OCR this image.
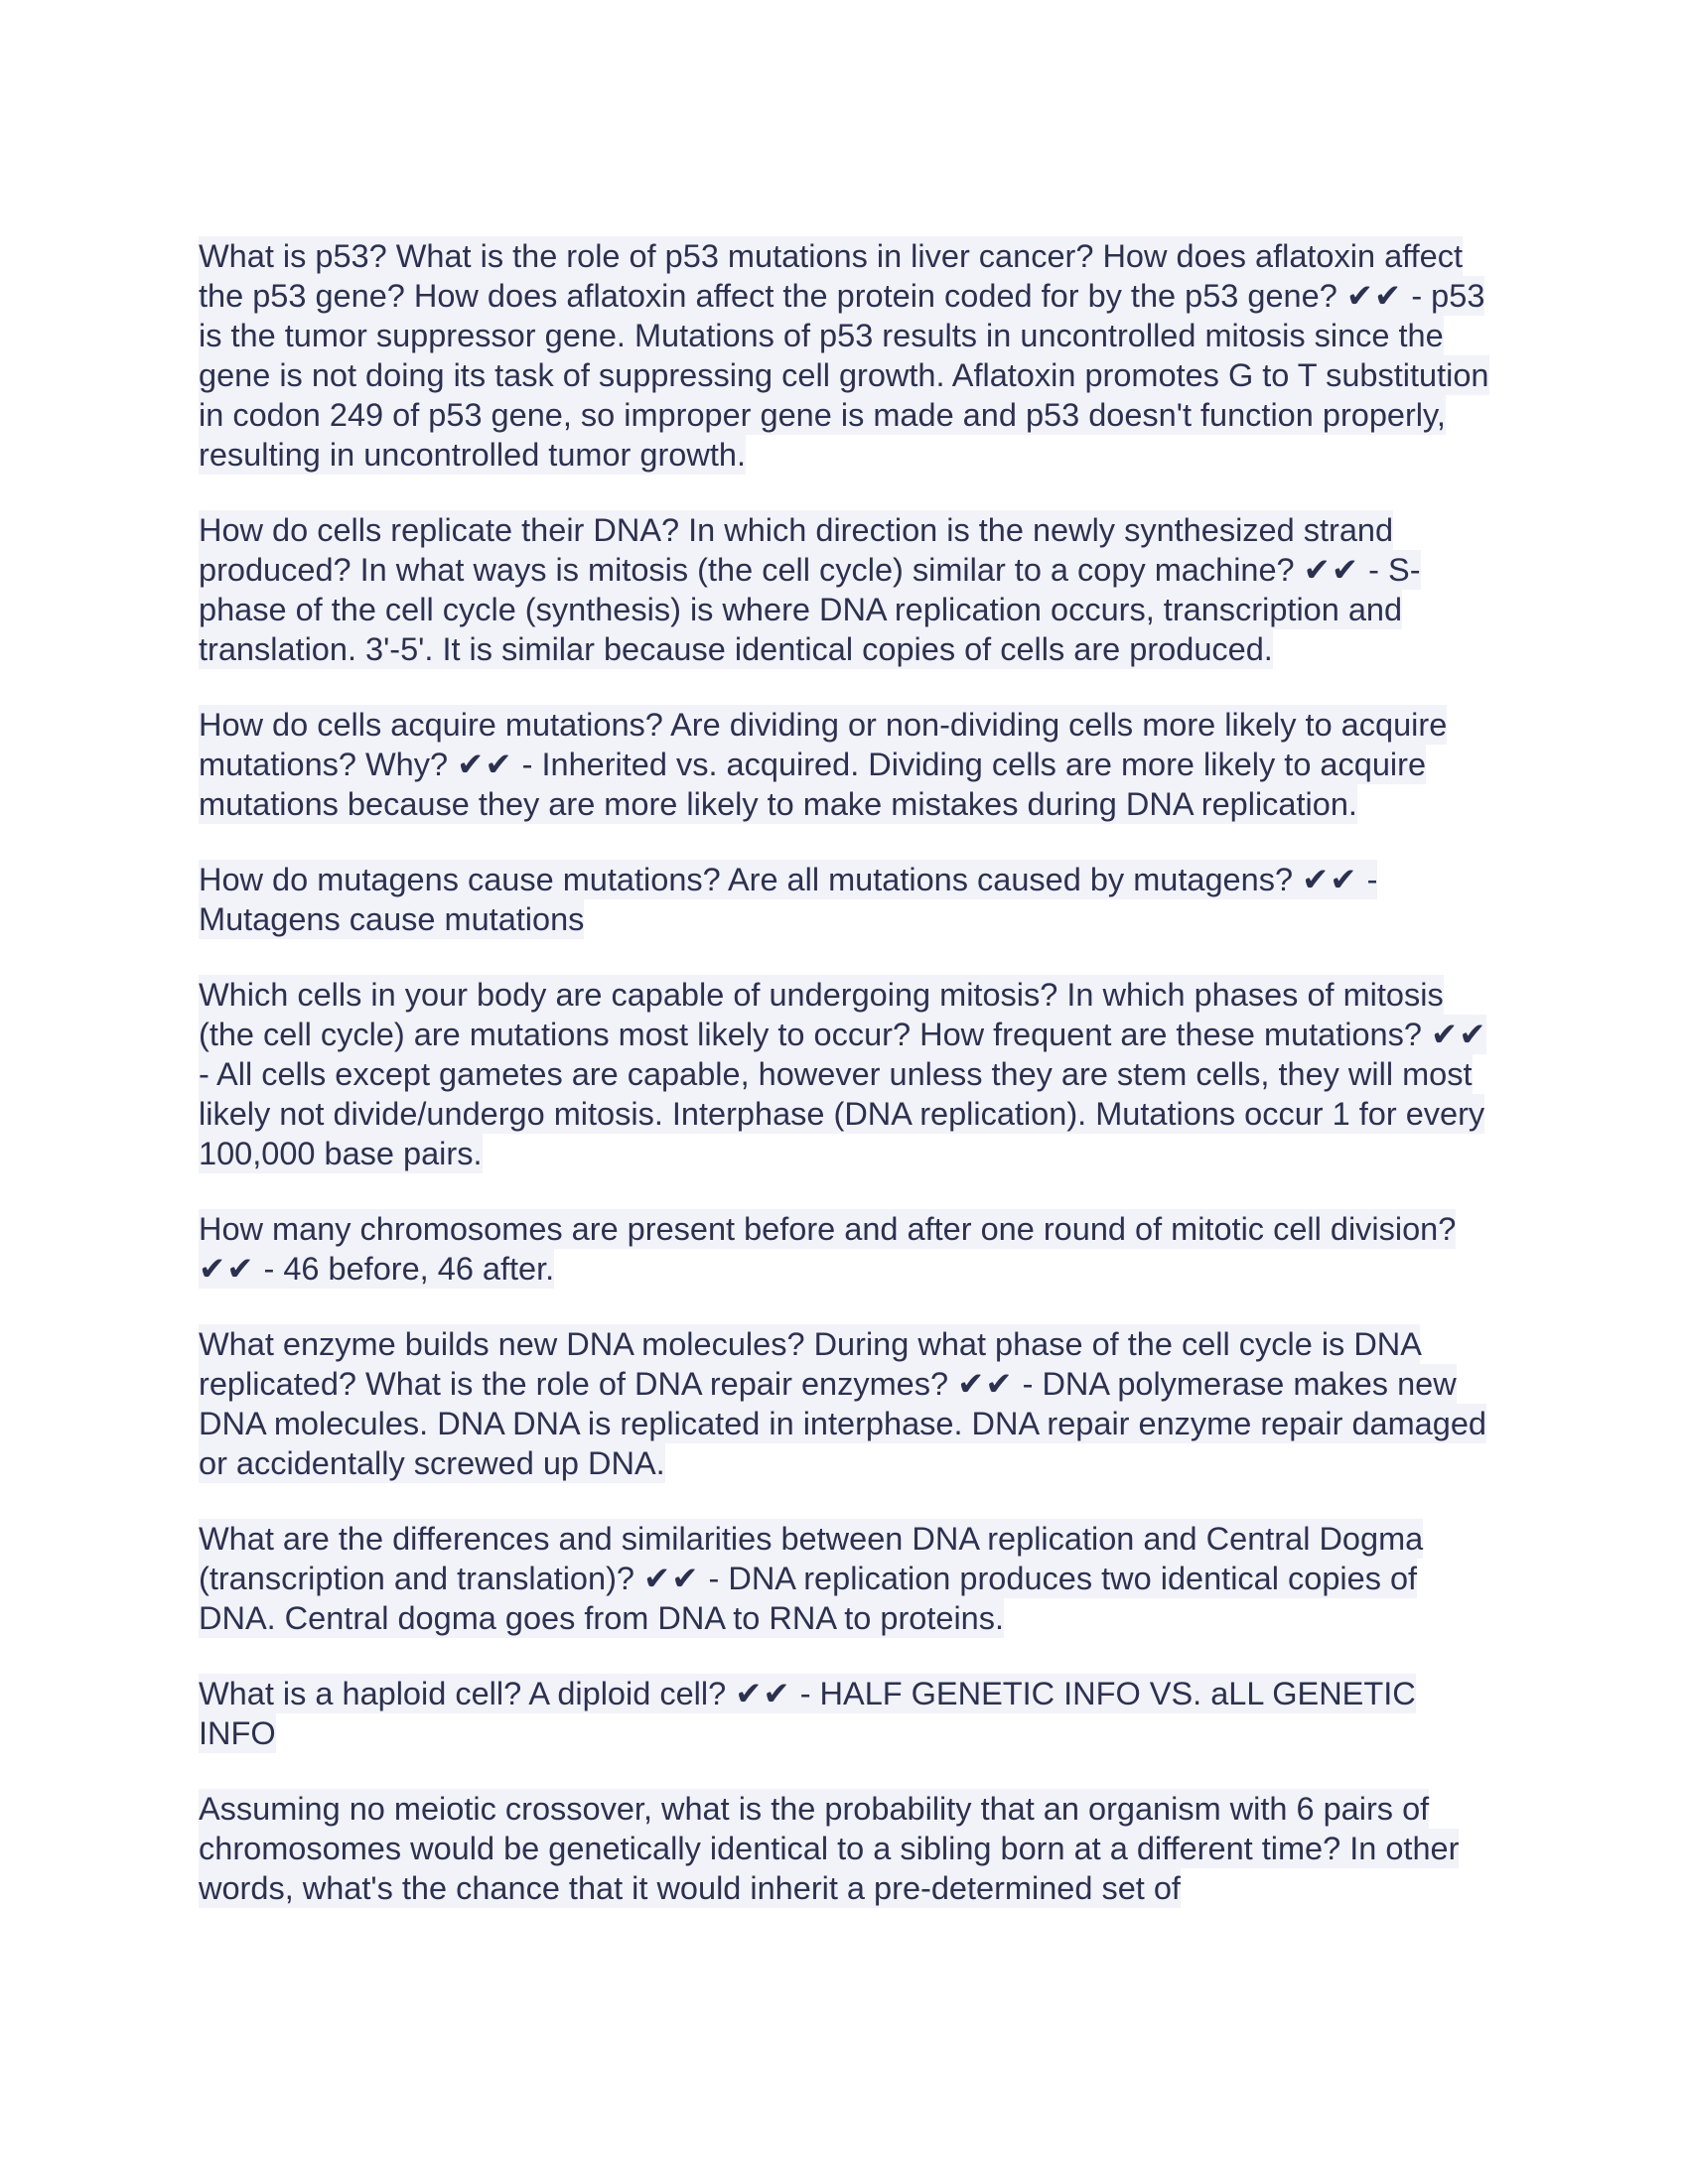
What is p53? What is the role of p53 mutations in liver cancer? How does aflatoxin affect the p53 gene? How does aflatoxin affect the protein coded for by the p53 gene? ✔✔ - p53 is the tumor suppressor gene. Mutations of p53 results in uncontrolled mitosis since the gene is not doing its task of suppressing cell growth. Aflatoxin promotes G to T substitution in codon 249 of p53 gene, so improper gene is made and p53 doesn't function properly, resulting in uncontrolled tumor growth.

How do cells replicate their DNA? In which direction is the newly synthesized strand produced? In what ways is mitosis (the cell cycle) similar to a copy machine? ✔✔ - S-phase of the cell cycle (synthesis) is where DNA replication occurs, transcription and translation. 3'-5'. It is similar because identical copies of cells are produced.

How do cells acquire mutations? Are dividing or non-dividing cells more likely to acquire mutations? Why? ✔✔ - Inherited vs. acquired. Dividing cells are more likely to acquire mutations because they are more likely to make mistakes during DNA replication.

How do mutagens cause mutations? Are all mutations caused by mutagens? ✔✔ - Mutagens cause mutations

Which cells in your body are capable of undergoing mitosis? In which phases of mitosis (the cell cycle) are mutations most likely to occur? How frequent are these mutations? ✔✔ - All cells except gametes are capable, however unless they are stem cells, they will most likely not divide/undergo mitosis. Interphase (DNA replication). Mutations occur 1 for every 100,000 base pairs.

How many chromosomes are present before and after one round of mitotic cell division? ✔✔ - 46 before, 46 after.

What enzyme builds new DNA molecules? During what phase of the cell cycle is DNA replicated? What is the role of DNA repair enzymes? ✔✔ - DNA polymerase makes new DNA molecules. DNA DNA is replicated in interphase. DNA repair enzyme repair damaged or accidentally screwed up DNA.

What are the differences and similarities between DNA replication and Central Dogma (transcription and translation)? ✔✔ - DNA replication produces two identical copies of DNA. Central dogma goes from DNA to RNA to proteins.

What is a haploid cell? A diploid cell? ✔✔ - HALF GENETIC INFO VS. aLL GENETIC INFO

Assuming no meiotic crossover, what is the probability that an organism with 6 pairs of chromosomes would be genetically identical to a sibling born at a different time? In other words, what's the chance that it would inherit a pre-determined set of
